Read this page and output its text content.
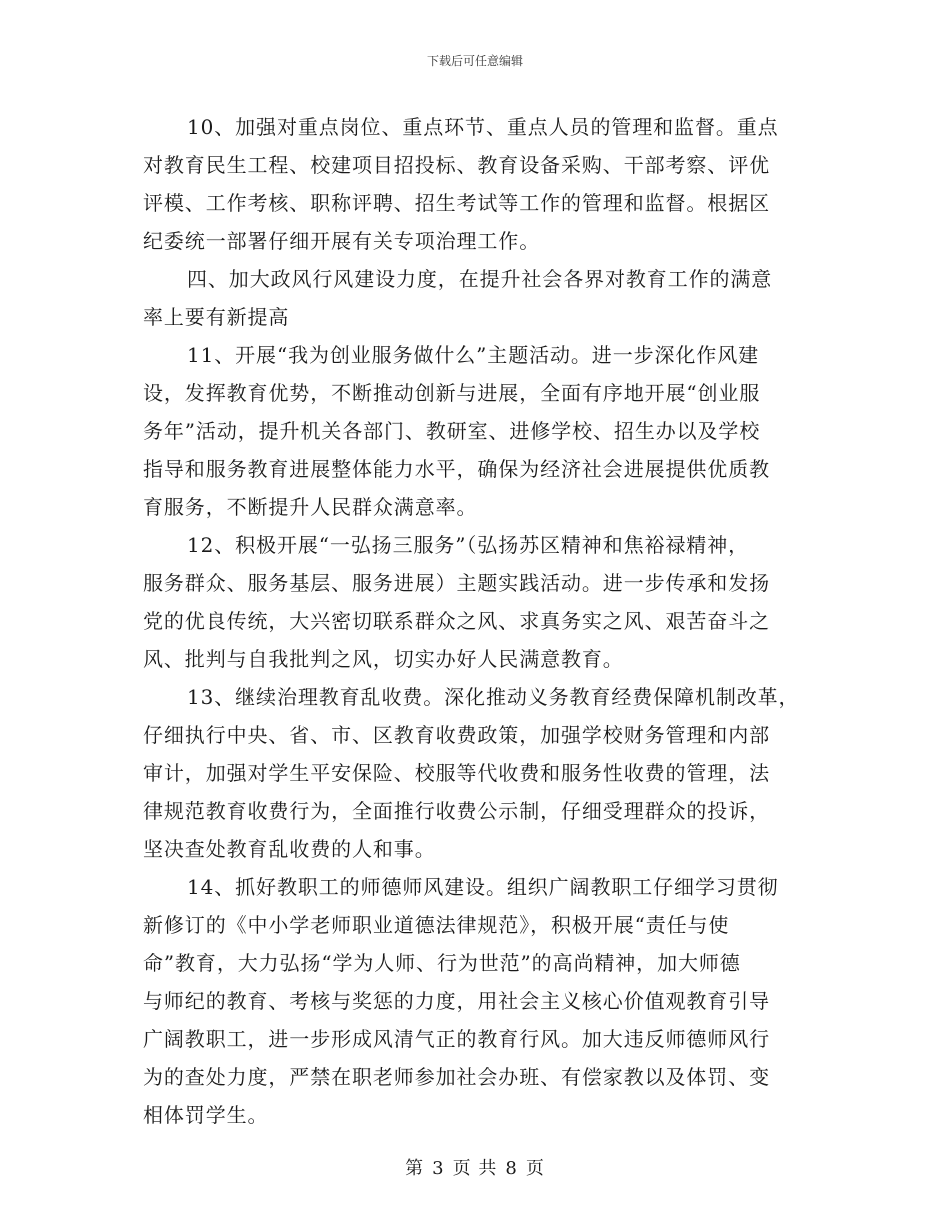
下载后可任意编辑

10、加强对重点岗位、重点环节、重点人员的管理和监督。重点
对教育民生工程、校建项目招投标、教育设备采购、干部考察、评优
评模、工作考核、职称评聘、招生考试等工作的管理和监督。根据区
纪委统一部署仔细开展有关专项治理工作。

四、加大政风行风建设力度，在提升社会各界对教育工作的满意
率上要有新提高

11、开展“我为创业服务做什么”主题活动。进一步深化作风建
设，发挥教育优势，不断推动创新与进展，全面有序地开展“创业服
务年”活动，提升机关各部门、教研室、进修学校、招生办以及学校
指导和服务教育进展整体能力水平，确保为经济社会进展提供优质教
育服务，不断提升人民群众满意率。

12、积极开展“一弘扬三服务”（弘扬苏区精神和焦裕禄精神，
服务群众、服务基层、服务进展）主题实践活动。进一步传承和发扬
党的优良传统，大兴密切联系群众之风、求真务实之风、艰苦奋斗之
风、批判与自我批判之风，切实办好人民满意教育。

13、继续治理教育乱收费。深化推动义务教育经费保障机制改革，
仔细执行中央、省、市、区教育收费政策，加强学校财务管理和内部
审计，加强对学生平安保险、校服等代收费和服务性收费的管理，法
律规范教育收费行为，全面推行收费公示制，仔细受理群众的投诉，
坚决查处教育乱收费的人和事。

14、抓好教职工的师德师风建设。组织广阔教职工仔细学习贯彻
新修订的《中小学老师职业道德法律规范》，积极开展“责任与使
命”教育，大力弘扬“学为人师、行为世范”的高尚精神，加大师德
与师纪的教育、考核与奖惩的力度，用社会主义核心价值观教育引导
广阔教职工，进一步形成风清气正的教育行风。加大违反师德师风行
为的查处力度，严禁在职老师参加社会办班、有偿家教以及体罚、变
相体罚学生。

第 3 页 共 8 页
